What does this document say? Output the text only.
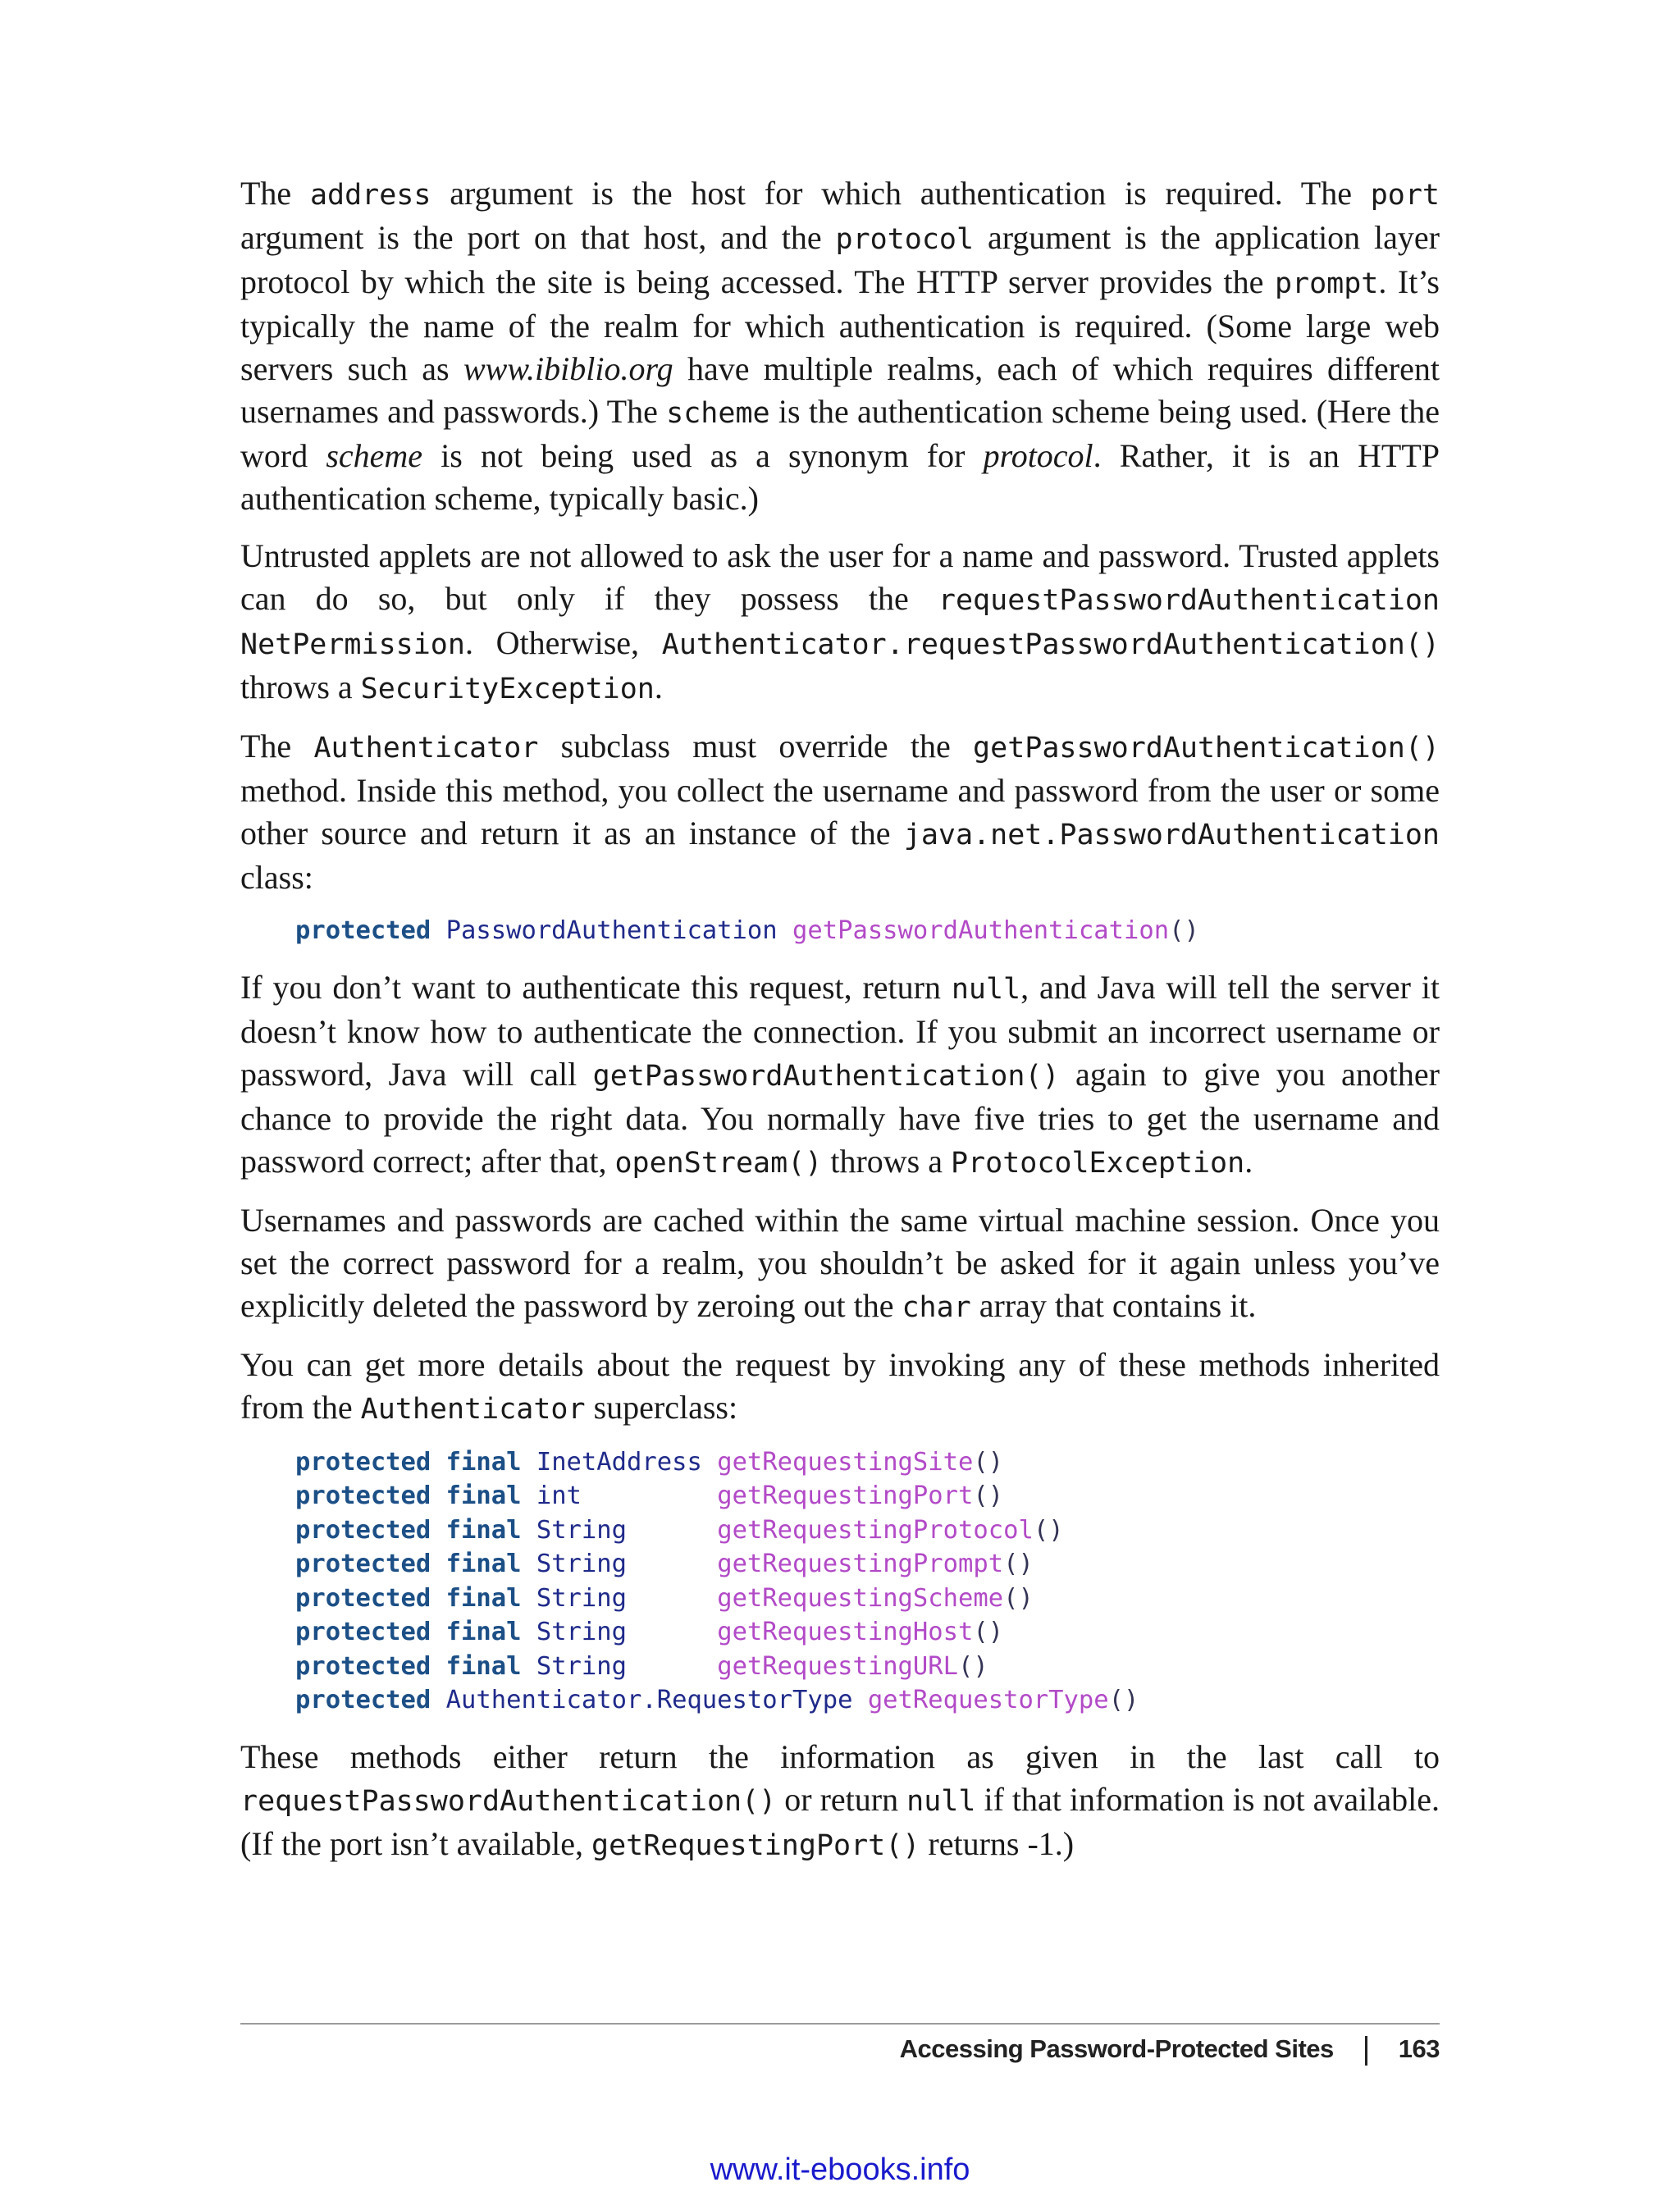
The address argument is the host for which authentication is required. The port argument is the port on that host, and the protocol argument is the application layer protocol by which the site is being accessed. The HTTP server provides the prompt. It’s typically the name of the realm for which authentication is required. (Some large web servers such as www.ibiblio.org have multiple realms, each of which requires different usernames and passwords.) The scheme is the authentication scheme being used. (Here the word scheme is not being used as a synonym for protocol. Rather, it is an HTTP authentication scheme, typically basic.)

Untrusted applets are not allowed to ask the user for a name and password. Trusted applets can do so, but only if they possess the requestPasswordAuthentication NetPermission. Otherwise, Authenticator.requestPasswordAuthentication() throws a SecurityException.

The Authenticator subclass must override the getPasswordAuthentication() method. Inside this method, you collect the username and password from the user or some other source and return it as an instance of the java.net.PasswordAuthentication class:

protected PasswordAuthentication getPasswordAuthentication()

If you don’t want to authenticate this request, return null, and Java will tell the server it doesn’t know how to authenticate the connection. If you submit an incorrect username or password, Java will call getPasswordAuthentication() again to give you another chance to provide the right data. You normally have five tries to get the username and password correct; after that, openStream() throws a ProtocolException.

Usernames and passwords are cached within the same virtual machine session. Once you set the correct password for a realm, you shouldn’t be asked for it again unless you’ve explicitly deleted the password by zeroing out the char array that contains it.

You can get more details about the request by invoking any of these methods inherited from the Authenticator superclass:

protected final InetAddress getRequestingSite()
protected final int	getRequestingPort()
protected final String	getRequestingProtocol()
protected final String	getRequestingPrompt()
protected final String	getRequestingScheme()
protected final String	getRequestingHost()
protected final String	getRequestingURL()
protected Authenticator.RequestorType getRequestorType()

These methods either return the information as given in the last call to requestPasswordAuthentication() or return null if that information is not available. (If the port isn’t available, getRequestingPort() returns -1.)

Accessing Password-Protected Sites	163
www.it-ebooks.info
